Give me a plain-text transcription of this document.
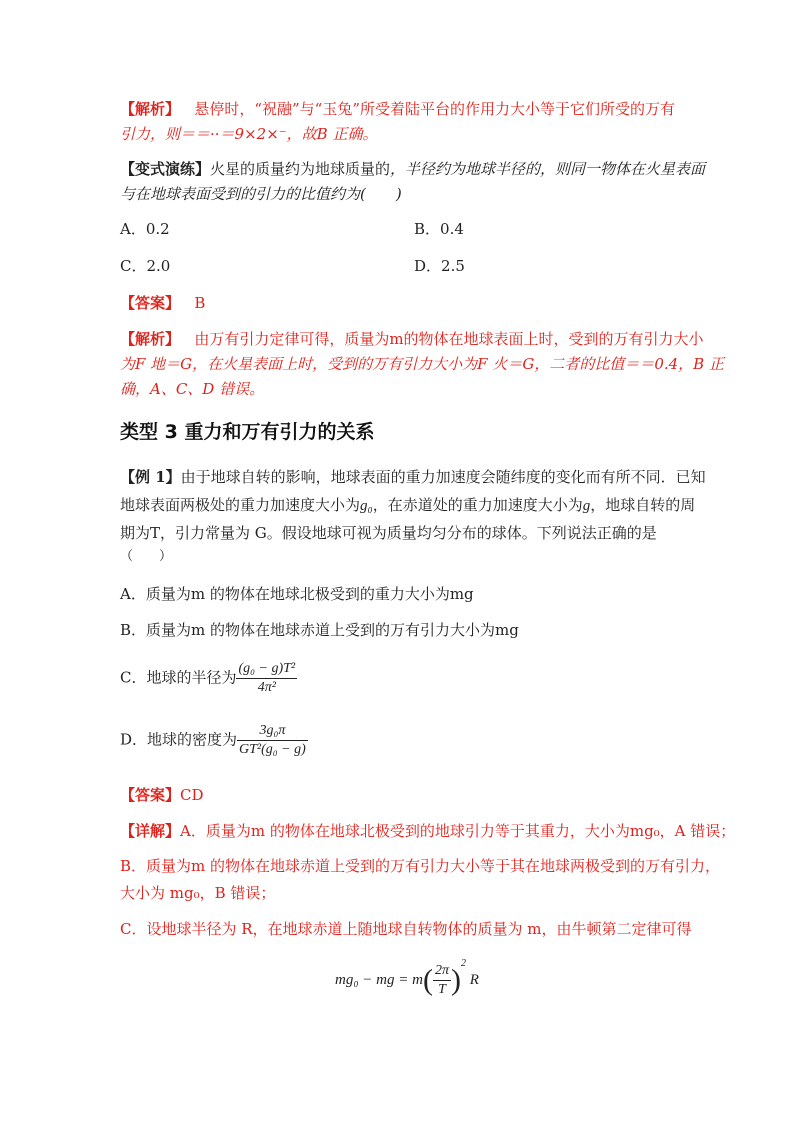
【解析】 悬停时，“祝融”与“玉兔”所受着陆平台的作用力大小等于它们所受的万有
引力，则＝＝··＝9×2×⁻，故B 正确。
【变式演练】火星的质量约为地球质量的，半径约为地球半径的，则同一物体在火星表面
与在地球表面受到的引力的比值约为(　　)
A．0.2	B．0.4
C．2.0	D．2.5
【答案】 B
【解析】 由万有引力定律可得，质量为m的物体在地球表面上时，受到的万有引力大小
为F 地＝G，在火星表面上时，受到的万有引力大小为F 火＝G，二者的比值＝＝0.4，B 正
确，A、C、D 错误。
类型 3 重力和万有引力的关系
【例 1】由于地球自转的影响，地球表面的重力加速度会随纬度的变化而有所不同．已知
地球表面两极处的重力加速度大小为g₀，在赤道处的重力加速度大小为g，地球自转的周
期为T，引力常量为 G。假设地球可视为质量均匀分布的球体。下列说法正确的是
（　　）
A．质量为m 的物体在地球北极受到的重力大小为mg
B．质量为m 的物体在地球赤道上受到的万有引力大小为mg
C．地球的半径为 $\frac{\text{(g₀ − g)T²}}{\text{4π²}}$
D．地球的密度为 $\frac{\text{3g₀π}}{\text{GT²(g₀ − g)}}$
【答案】CD
【详解】A．质量为m 的物体在地球北极受到的地球引力等于其重力，大小为mg₀，A 错误；
B．质量为m 的物体在地球赤道上受到的万有引力大小等于其在地球两极受到的万有引力，
大小为 mg₀，B 错误；
C．设地球半径为 R，在地球赤道上随地球自转物体的质量为 m，由牛顿第二定律可得
mg₀ − mg = $m( \frac{2\pi}{T} )^2$ R
